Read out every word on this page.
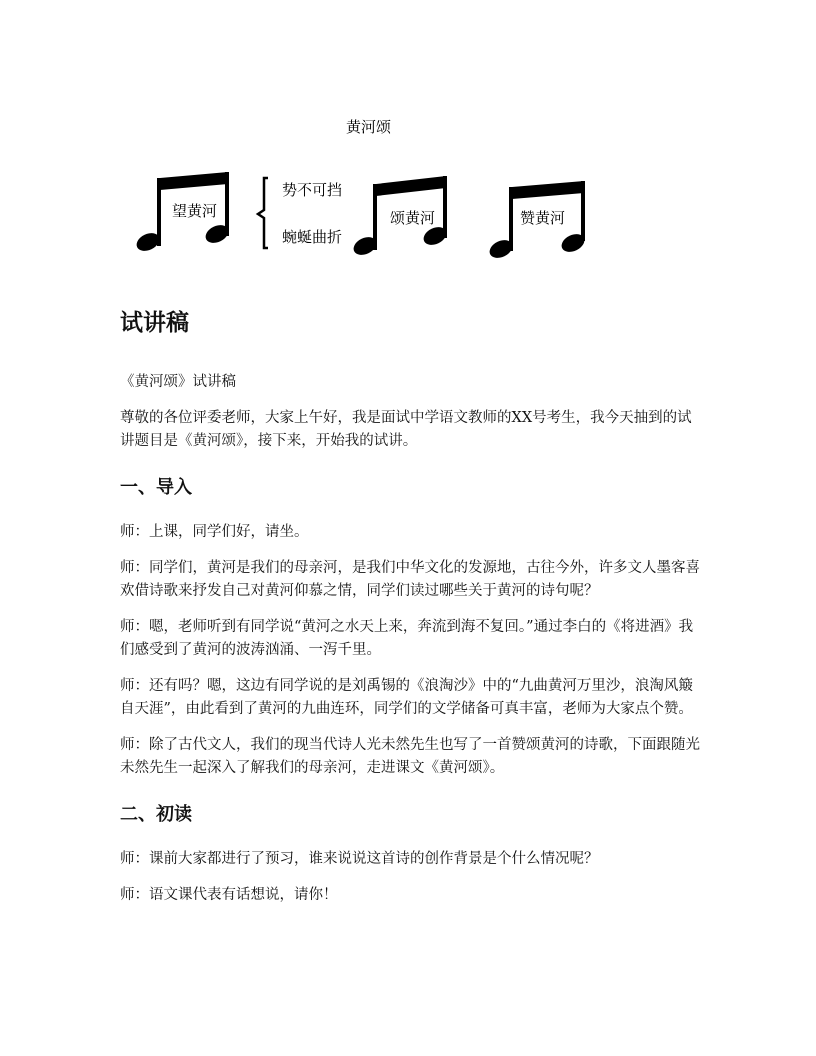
黄河颂
望黄河
势不可挡
蜿蜒曲折
颂黄河	赞黄河
试讲稿

《黄河颂》试讲稿

尊敬的各位评委老师，大家上午好，我是面试中学语文教师的XX号考生，我今天抽到的试讲题目是《黄河颂》，接下来，开始我的试讲。

一、导入

师：上课，同学们好，请坐。

师：同学们，黄河是我们的母亲河，是我们中华文化的发源地，古往今外，许多文人墨客喜欢借诗歌来抒发自己对黄河仰慕之情，同学们读过哪些关于黄河的诗句呢？

师：嗯，老师听到有同学说“黄河之水天上来，奔流到海不复回。”通过李白的《将进酒》我们感受到了黄河的波涛汹涌、一泻千里。

师：还有吗？嗯，这边有同学说的是刘禹锡的《浪淘沙》中的“九曲黄河万里沙，浪淘风簸自天涯”，由此看到了黄河的九曲连环，同学们的文学储备可真丰富，老师为大家点个赞。

师：除了古代文人，我们的现当代诗人光未然先生也写了一首赞颂黄河的诗歌，下面跟随光未然先生一起深入了解我们的母亲河，走进课文《黄河颂》。

二、初读

师：课前大家都进行了预习，谁来说说这首诗的创作背景是个什么情况呢？

师：语文课代表有话想说，请你！
